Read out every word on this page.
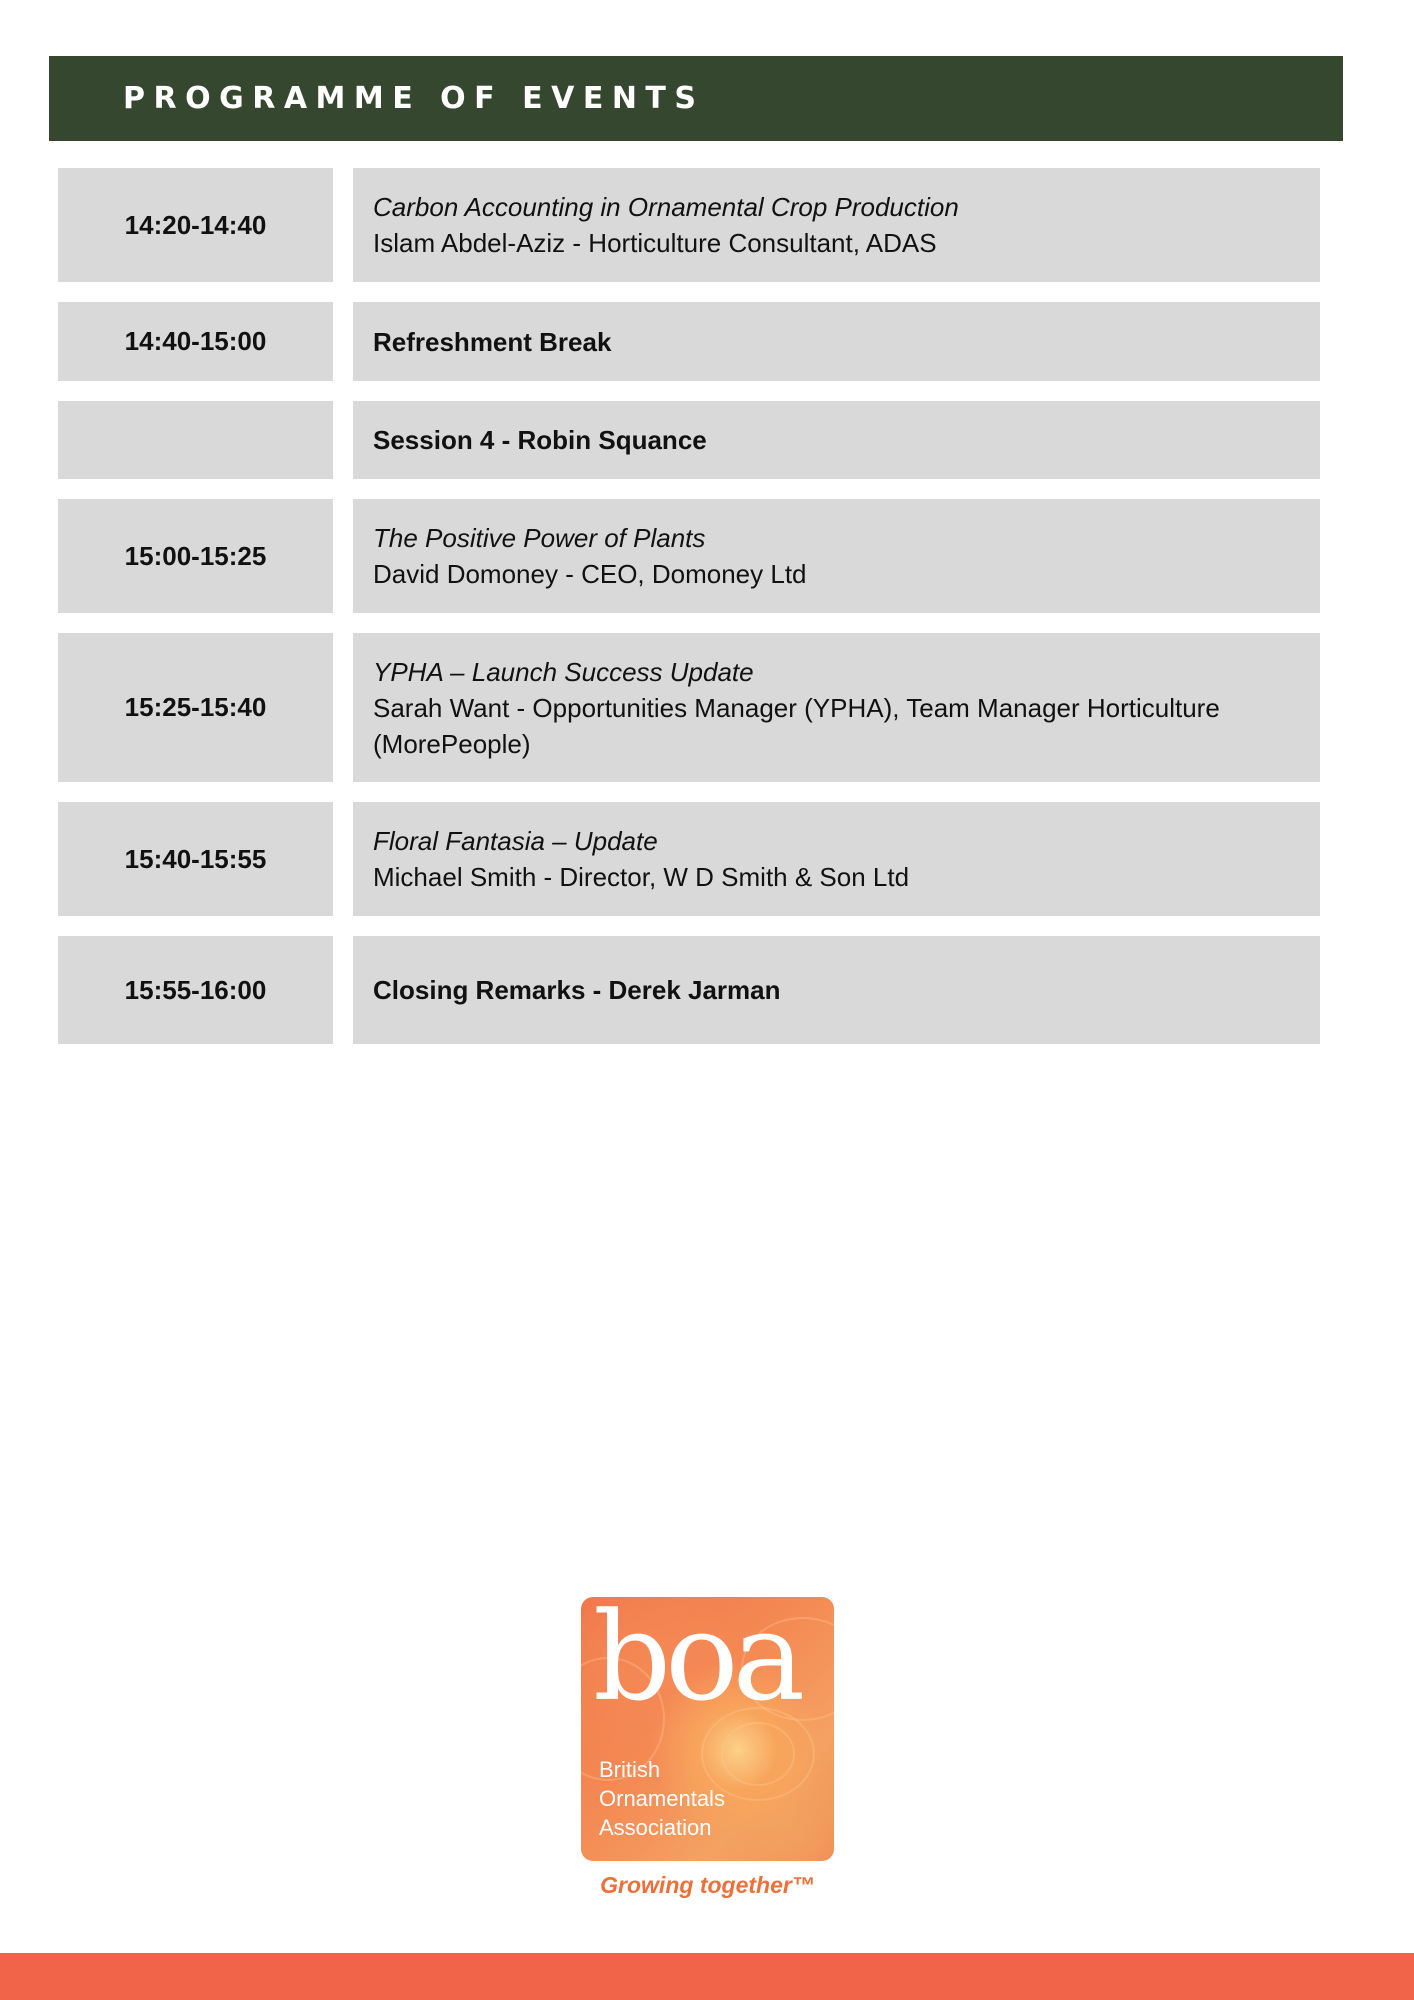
PROGRAMME OF EVENTS
14:20-14:40
Carbon Accounting in Ornamental Crop Production
Islam Abdel-Aziz - Horticulture Consultant, ADAS
14:40-15:00	Refreshment Break
Session 4 - Robin Squance
15:00-15:25
The Positive Power of Plants
David Domoney - CEO, Domoney Ltd
15:25-15:40
YPHA – Launch Success Update
Sarah Want - Opportunities Manager (YPHA), Team Manager Horticulture (MorePeople)
15:40-15:55
Floral Fantasia – Update
Michael Smith - Director, W D Smith & Son Ltd
15:55-16:00	Closing Remarks - Derek Jarman
boa
British
Ornamentals
Association
Growing together™
